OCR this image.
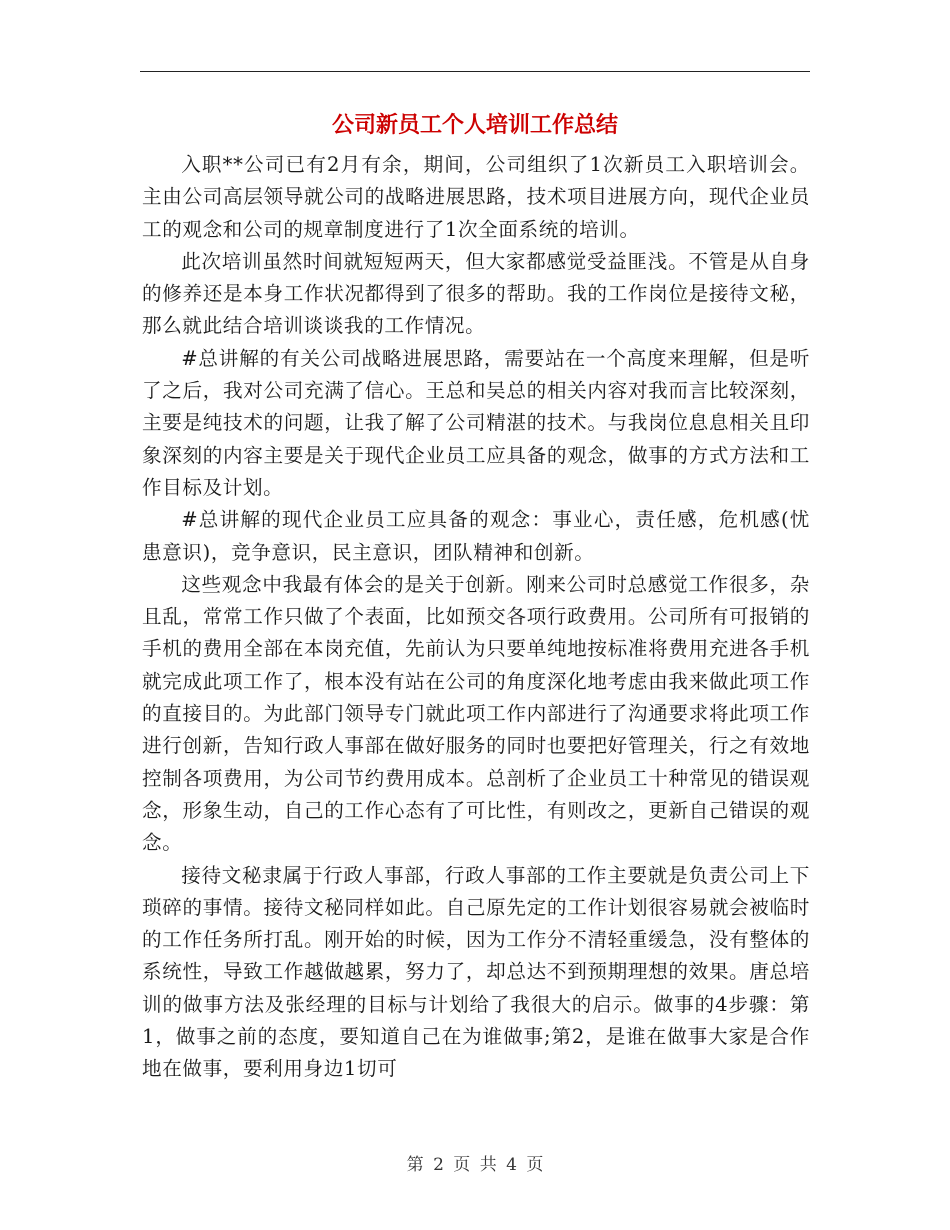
公司新员工个人培训工作总结

入职**公司已有2月有余，期间，公司组织了1次新员工入职培训会。主由公司高层领导就公司的战略进展思路，技术项目进展方向，现代企业员工的观念和公司的规章制度进行了1次全面系统的培训。

此次培训虽然时间就短短两天，但大家都感觉受益匪浅。不管是从自身的修养还是本身工作状况都得到了很多的帮助。我的工作岗位是接待文秘，那么就此结合培训谈谈我的工作情况。

#总讲解的有关公司战略进展思路，需要站在一个高度来理解，但是听了之后，我对公司充满了信心。王总和吴总的相关内容对我而言比较深刻，主要是纯技术的问题，让我了解了公司精湛的技术。与我岗位息息相关且印象深刻的内容主要是关于现代企业员工应具备的观念，做事的方式方法和工作目标及计划。

#总讲解的现代企业员工应具备的观念：事业心，责任感，危机感(忧患意识)，竞争意识，民主意识，团队精神和创新。

这些观念中我最有体会的是关于创新。刚来公司时总感觉工作很多，杂且乱，常常工作只做了个表面，比如预交各项行政费用。公司所有可报销的手机的费用全部在本岗充值，先前认为只要单纯地按标准将费用充进各手机就完成此项工作了，根本没有站在公司的角度深化地考虑由我来做此项工作的直接目的。为此部门领导专门就此项工作内部进行了沟通要求将此项工作进行创新，告知行政人事部在做好服务的同时也要把好管理关，行之有效地控制各项费用，为公司节约费用成本。总剖析了企业员工十种常见的错误观念，形象生动，自己的工作心态有了可比性，有则改之，更新自己错误的观念。

接待文秘隶属于行政人事部，行政人事部的工作主要就是负责公司上下琐碎的事情。接待文秘同样如此。自己原先定的工作计划很容易就会被临时的工作任务所打乱。刚开始的时候，因为工作分不清轻重缓急，没有整体的系统性，导致工作越做越累，努力了，却总达不到预期理想的效果。唐总培训的做事方法及张经理的目标与计划给了我很大的启示。做事的4步骤：第1，做事之前的态度，要知道自己在为谁做事;第2，是谁在做事大家是合作地在做事，要利用身边1切可

第 2 页 共 4 页
